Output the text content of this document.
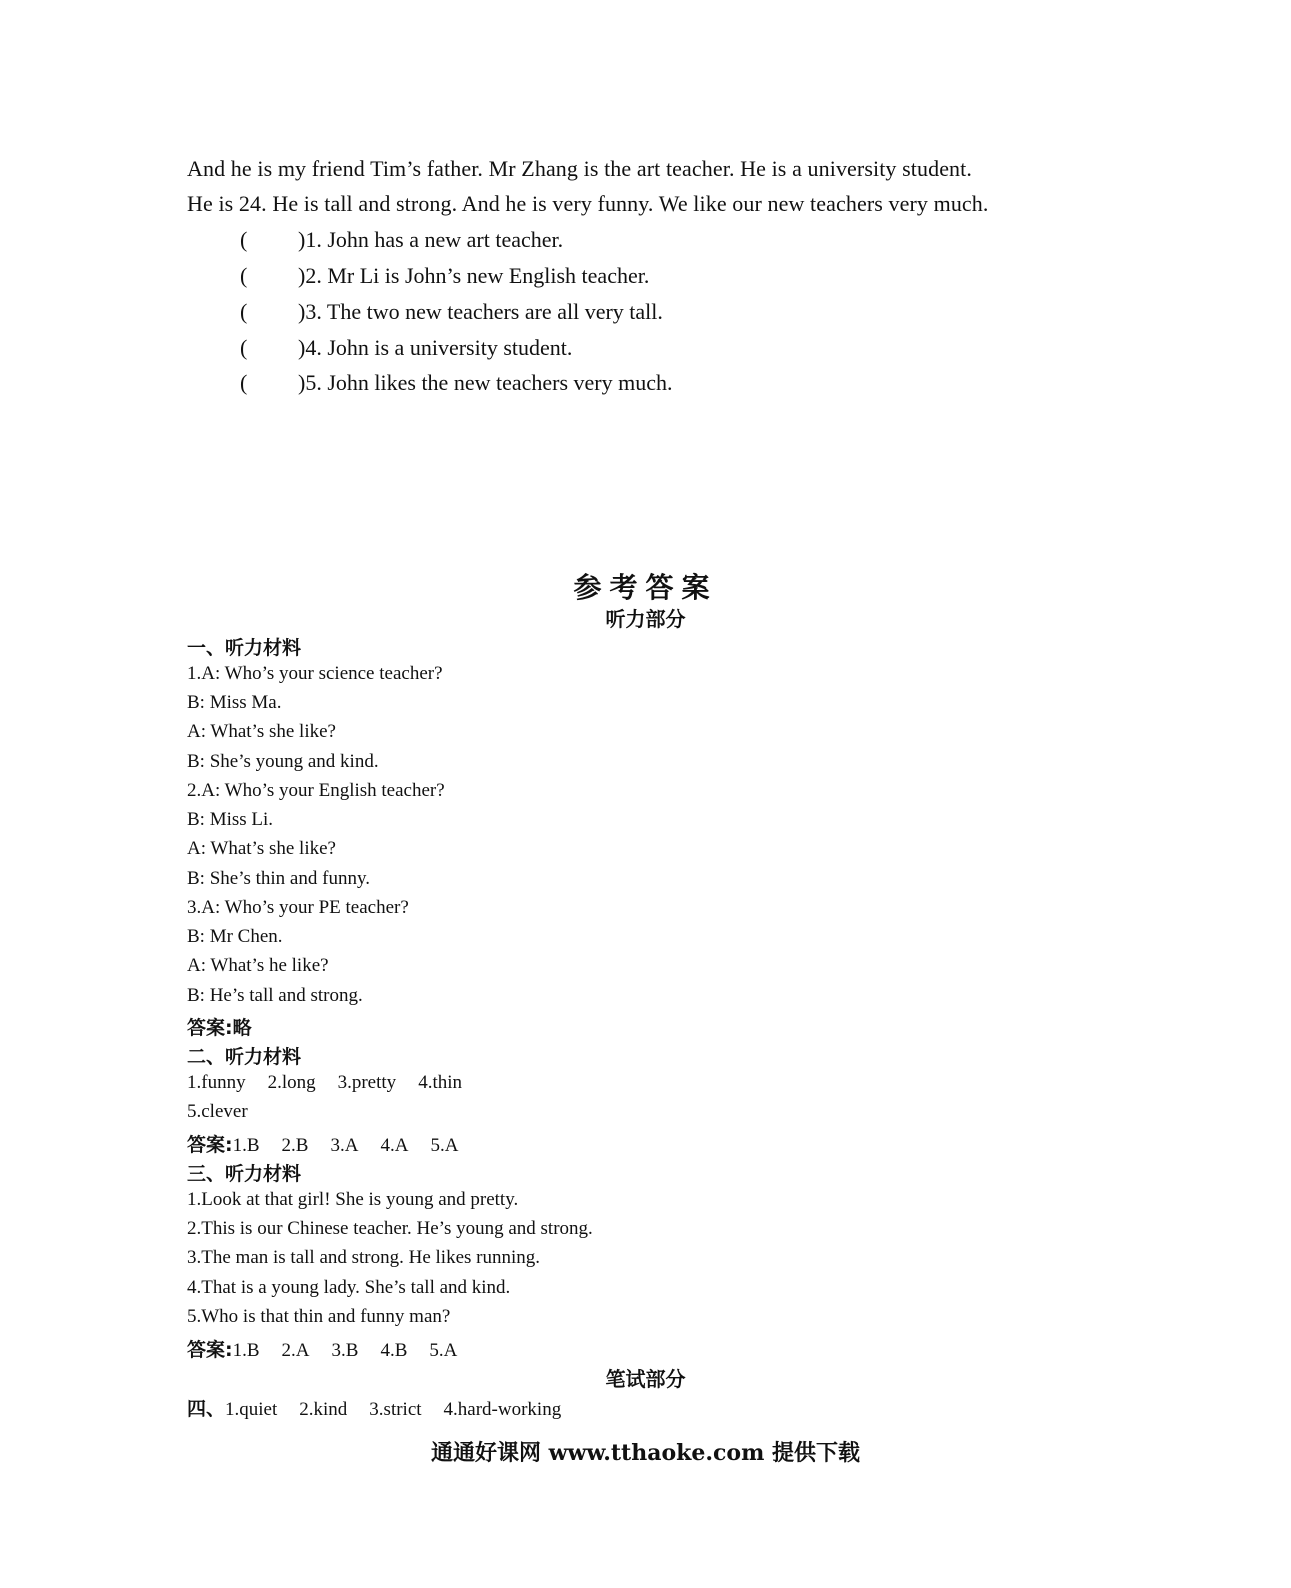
And he is my friend Tim’s father. Mr Zhang is the art teacher. He is a university student.
He is 24. He is tall and strong. And he is very funny. We like our new teachers very much.
( )1. John has a new art teacher.
( )2. Mr Li is John’s new English teacher.
( )3. The two new teachers are all very tall.
( )4. John is a university student.
( )5. John likes the new teachers very much.
参考答案
听力部分
一、听力材料
1.A: Who’s your science teacher?
B: Miss Ma.
A: What’s she like?
B: She’s young and kind.
2.A: Who’s your English teacher?
B: Miss Li.
A: What’s she like?
B: She’s thin and funny.
3.A: Who’s your PE teacher?
B: Mr Chen.
A: What’s he like?
B: He’s tall and strong.
答案:略
二、听力材料
1.funny 2.long 3.pretty 4.thin
5.clever
答案:1.B 2.B 3.A 4.A 5.A
三、听力材料
1.Look at that girl! She is young and pretty.
2.This is our Chinese teacher. He’s young and strong.
3.The man is tall and strong. He likes running.
4.That is a young lady. She’s tall and kind.
5.Who is that thin and funny man?
答案:1.B 2.A 3.B 4.B 5.A
笔试部分
四、1.quiet 2.kind 3.strict 4.hard-working
通通好课网 www.tthaoke.com 提供下载
